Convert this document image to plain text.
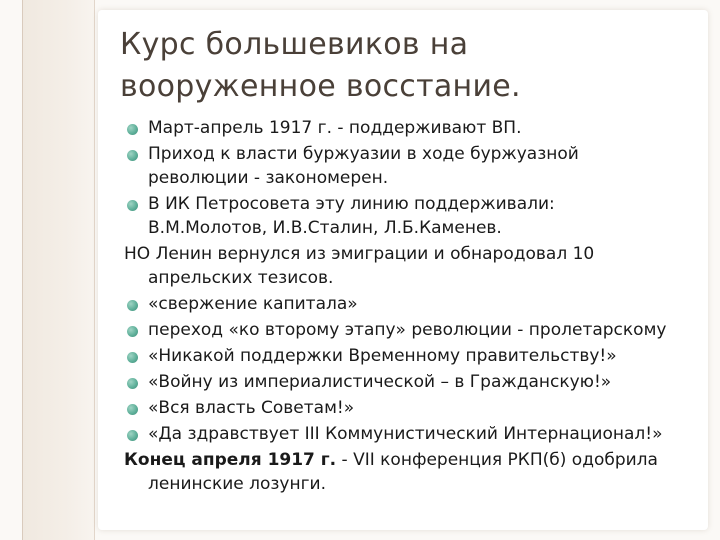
Курс большевиков на вооруженное восстание.
Март-апрель 1917 г. - поддерживают ВП.
Приход к власти буржуазии в ходе буржуазной
революции - закономерен.
В ИК Петросовета эту линию поддерживали:
В.М.Молотов, И.В.Сталин, Л.Б.Каменев.
НО Ленин вернулся из эмиграции и обнародовал 10
апрельских тезисов.
«свержение капитала»
переход «ко второму этапу» революции - пролетарскому
«Никакой поддержки Временному правительству!»
«Войну из империалистической – в Гражданскую!»
«Вся власть Советам!»
«Да здравствует III Коммунистический Интернационал!»
Конец апреля 1917 г. - VII конференция РКП(б) одобрила
ленинские лозунги.
